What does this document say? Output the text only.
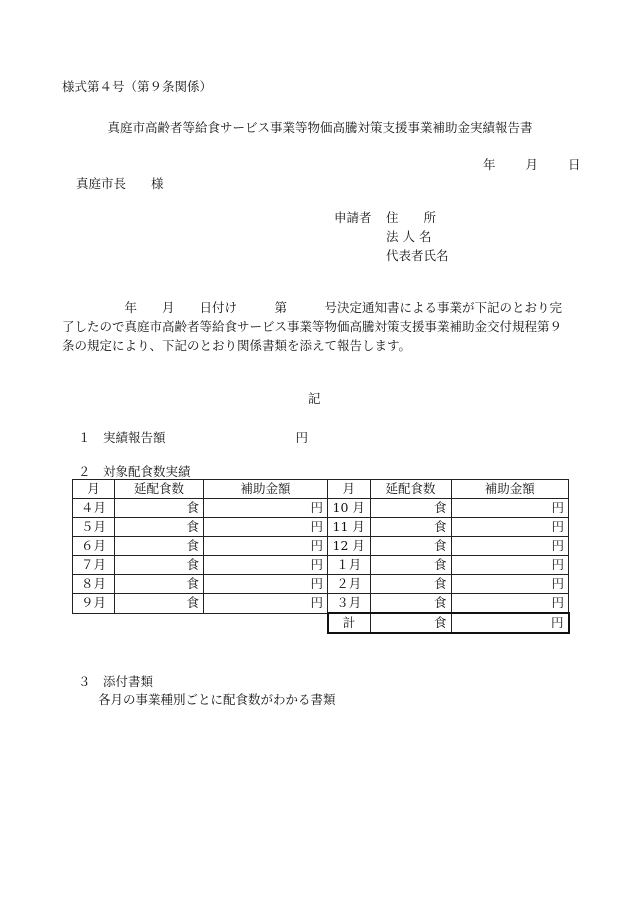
様式第４号（第９条関係）
真庭市高齢者等給食サービス事業等物価高騰対策支援事業補助金実績報告書
年 月 日
真庭市長　　様
申請者 住　　所
法 人 名
代表者氏名
　　　　　年　　月　　日付け　　　第　　　号決定通知書による事業が下記のとおり完
了したので真庭市高齢者等給食サービス事業等物価高騰対策支援事業補助金交付規程第９
条の規定により、下記のとおり関係書類を添えて報告します。
記
１　実績報告額	円
２　対象配食数実績
月	延配食数	補助金額	月	延配食数	補助金額
４月	食	円	10 月	食	円
５月	食	円	11 月	食	円
６月	食	円	12 月	食	円
７月	食	円	１月	食	円
８月	食	円	２月	食	円
９月	食	円	３月	食	円
			計	食	円
３　添付書類
各月の事業種別ごとに配食数がわかる書類
